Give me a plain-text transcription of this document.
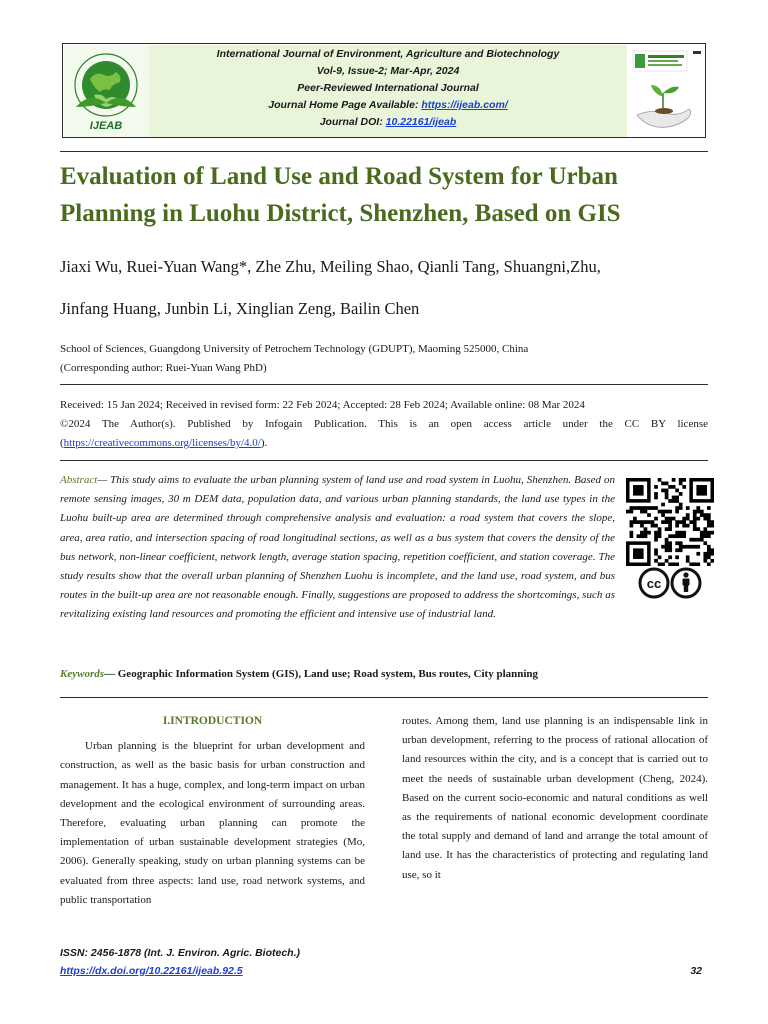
IJEAB
International Journal of Environment, Agriculture and Biotechnology
Vol-9, Issue-2; Mar-Apr, 2024
Peer-Reviewed International Journal
Journal Home Page Available: https://ijeab.com/
Journal DOI: 10.22161/ijeab
Evaluation of Land Use and Road System for Urban Planning in Luohu District, Shenzhen, Based on GIS
Jiaxi Wu, Ruei-Yuan Wang*, Zhe Zhu, Meiling Shao, Qianli Tang, Shuangni,Zhu,
Jinfang Huang, Junbin Li, Xinglian Zeng, Bailin Chen
School of Sciences, Guangdong University of Petrochem Technology (GDUPT), Maoming 525000, China
(Corresponding author: Ruei-Yuan Wang PhD)
Received: 15 Jan 2024; Received in revised form: 22 Feb 2024; Accepted: 28 Feb 2024; Available online: 08 Mar 2024
©2024 The Author(s). Published by Infogain Publication. This is an open access article under the CC BY license
(https://creativecommons.org/licenses/by/4.0/).
Abstract— This study aims to evaluate the urban planning system of land use and road system in Luohu, Shenzhen. Based on remote sensing images, 30 m DEM data, population data, and various urban planning standards, the land use types in the Luohu built-up area are determined through comprehensive analysis and evaluation: a road system that covers the slope, area, area ratio, and intersection spacing of road longitudinal sections, as well as a bus system that covers the density of the bus network, non-linear coefficient, network length, average station spacing, repetition coefficient, and station coverage. The study results show that the overall urban planning of Shenzhen Luohu is incomplete, and the land use, road system, and bus routes in the built-up area are not reasonable enough. Finally, suggestions are proposed to address the shortcomings, such as revitalizing existing land resources and promoting the efficient and intensive use of industrial land.
cc
Keywords— Geographic Information System (GIS), Land use; Road system, Bus routes, City planning
I.INTRODUCTION

Urban planning is the blueprint for urban development and construction, as well as the basic basis for urban construction and management. It has a huge, complex, and long-term impact on urban development and the ecological environment of surrounding areas. Therefore, evaluating urban planning can promote the implementation of urban sustainable development strategies (Mo, 2006). Generally speaking, study on urban planning systems can be evaluated from three aspects: land use, road network systems, and public transportation

routes. Among them, land use planning is an indispensable link in urban development, referring to the process of rational allocation of land resources within the city, and is a concept that is carried out to meet the needs of sustainable urban development (Cheng, 2024). Based on the current socio-economic and natural conditions as well as the requirements of national economic development coordinate the total supply and demand of land and arrange the total amount of land use. It has the characteristics of protecting and regulating land use, so it

ISSN: 2456-1878 (Int. J. Environ. Agric. Biotech.)
https://dx.doi.org/10.22161/ijeab.92.5	32
